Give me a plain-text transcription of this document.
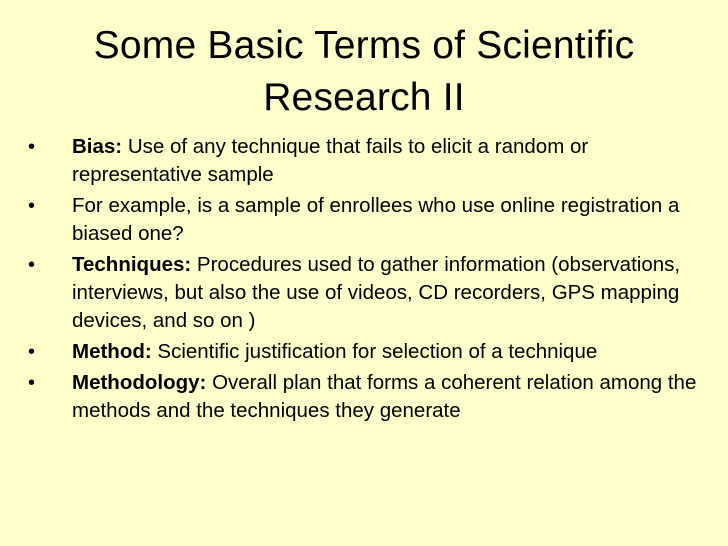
Some Basic Terms of Scientific
Research II
•	Bias: Use of any technique that fails to elicit a random or representative sample
•	For example, is a sample of enrollees who use online registration a biased one?
•	Techniques: Procedures used to gather information (observations, interviews, but also the use of videos, CD recorders, GPS mapping devices, and so on )
•	Method: Scientific justification for selection of a technique
•	Methodology: Overall plan that forms a coherent relation among the methods and the techniques they generate
